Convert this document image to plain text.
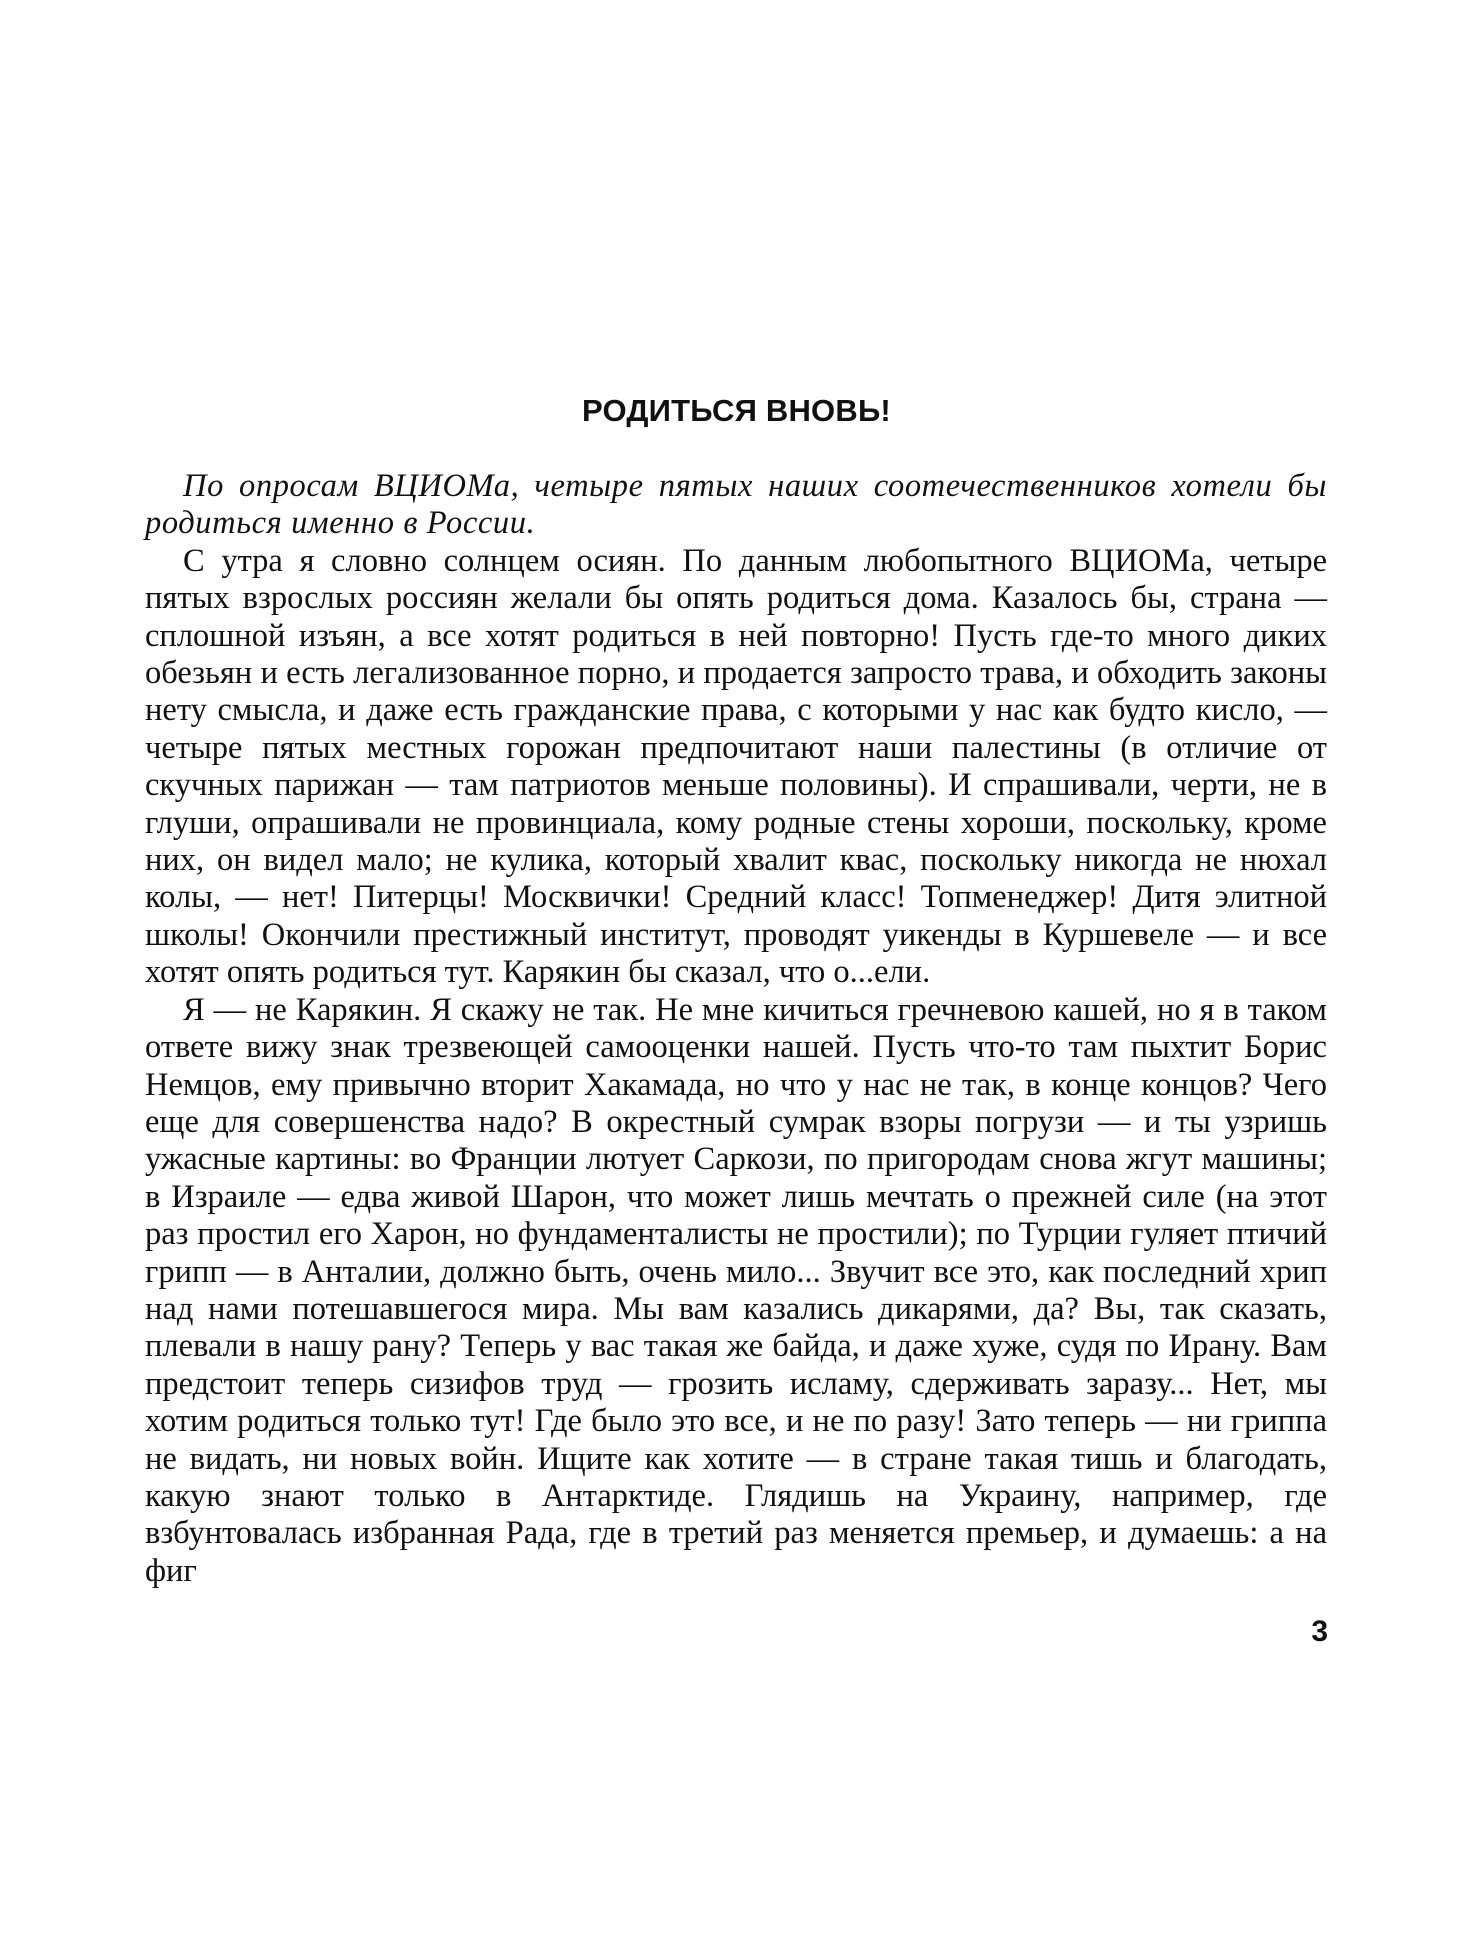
РОДИТЬСЯ ВНОВЬ!

По опросам ВЦИОМа, четыре пятых наших соотечественников хотели бы родиться именно в России.

С утра я словно солнцем осиян. По данным любопытного ВЦИОМа, четыре пятых взрослых россиян желали бы опять родиться дома. Казалось бы, страна — сплошной изъян, а все хотят родиться в ней повторно! Пусть где-то много диких обезьян и есть легализованное порно, и продается запросто трава, и обходить законы нету смысла, и даже есть гражданские права, с которыми у нас как будто кисло, — четыре пятых местных горожан предпочитают наши палестины (в отличие от скучных парижан — там патриотов меньше половины). И спрашивали, черти, не в глуши, опрашивали не провинциала, кому родные стены хороши, поскольку, кроме них, он видел мало; не кулика, который хвалит квас, поскольку никогда не нюхал колы, — нет! Питерцы! Москвички! Средний класс! Топменеджер! Дитя элитной школы! Окончили престижный институт, проводят уикенды в Куршевеле — и все хотят опять родиться тут. Карякин бы сказал, что о...ели.

Я — не Карякин. Я скажу не так. Не мне кичиться гречневою кашей, но я в таком ответе вижу знак трезвеющей самооценки нашей. Пусть что-то там пыхтит Борис Немцов, ему привычно вторит Хакамада, но что у нас не так, в конце концов? Чего еще для совершенства надо? В окрестный сумрак взоры погрузи — и ты узришь ужасные картины: во Франции лютует Саркози, по пригородам снова жгут машины; в Израиле — едва живой Шарон, что может лишь мечтать о прежней силе (на этот раз простил его Харон, но фундаменталисты не простили); по Турции гуляет птичий грипп — в Анталии, должно быть, очень мило... Звучит все это, как последний хрип над нами потешавшегося мира. Мы вам казались дикарями, да? Вы, так сказать, плевали в нашу рану? Теперь у вас такая же байда, и даже хуже, судя по Ирану. Вам предстоит теперь сизифов труд — грозить исламу, сдерживать заразу... Нет, мы хотим родиться только тут! Где было это все, и не по разу! Зато теперь — ни гриппа не видать, ни новых войн. Ищите как хотите — в стране такая тишь и благодать, какую знают только в Антарктиде. Глядишь на Украину, например, где взбунтовалась избранная Рада, где в третий раз меняется премьер, и думаешь: а на фиг

3
